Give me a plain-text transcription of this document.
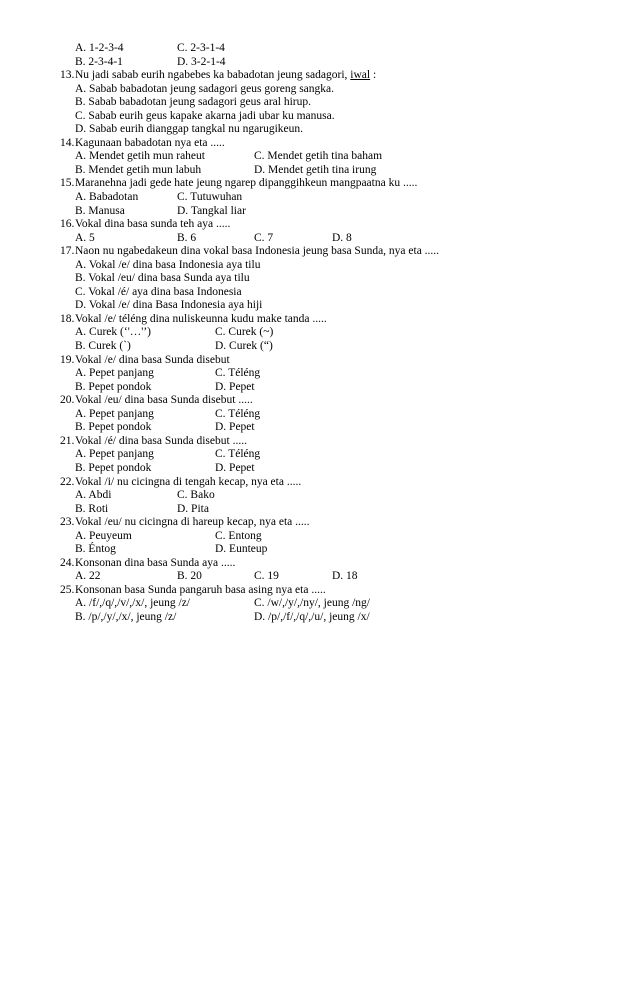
A. 1-2-3-4	C. 2-3-1-4
B. 2-3-4-1	D. 3-2-1-4
13. Nu jadi sabab eurih ngabebes ka babadotan jeung sadagori, iwal :
A. Sabab babadotan jeung sadagori geus goreng sangka.
B. Sabab babadotan jeung sadagori geus aral hirup.
C. Sabab eurih geus kapake akarna jadi ubar ku manusa.
D. Sabab eurih dianggap tangkal nu ngarugikeun.
14. Kagunaan babadotan nya eta .....
A. Mendet getih mun raheut	C. Mendet getih tina baham
B. Mendet getih mun labuh	D. Mendet getih tina irung
15. Maranehna jadi gede hate jeung ngarep dipanggihkeun mangpaatna ku .....
A. Babadotan	C. Tutuwuhan
B. Manusa	D. Tangkal liar
16. Vokal dina basa sunda teh aya .....
A. 5	B. 6	C. 7	D. 8
17. Naon nu ngabedakeun dina vokal basa Indonesia jeung basa Sunda, nya eta .....
A. Vokal /e/ dina basa Indonesia aya tilu
B. Vokal /eu/ dina basa Sunda aya tilu
C. Vokal /é/ aya dina basa Indonesia
D. Vokal /e/ dina Basa Indonesia aya hiji
18. Vokal /e/ téléng dina nuliskeunna kudu make tanda .....
A. Curek (‘'…'’)	C. Curek (~)
B. Curek (`)	D. Curek (“)
19. Vokal /e/ dina basa Sunda disebut
A. Pepet panjang	C. Téléng
B. Pepet pondok	D. Pepet
20. Vokal /eu/ dina basa Sunda disebut .....
A. Pepet panjang	C. Téléng
B. Pepet pondok	D. Pepet
21. Vokal /é/ dina basa Sunda disebut .....
A. Pepet panjang	C. Téléng
B. Pepet pondok	D. Pepet
22. Vokal /i/ nu cicingna di tengah kecap, nya eta .....
A. Abdi	C. Bako
B. Roti	D. Pita
23. Vokal /eu/ nu cicingna di hareup kecap, nya eta .....
A. Peuyeum	C. Entong
B. Éntog	D. Eunteup
24. Konsonan dina basa Sunda aya .....
A. 22	B. 20	C. 19	D. 18
25. Konsonan basa Sunda pangaruh basa asing nya eta .....
A. /f/,/q/,/v/,/x/, jeung /z/	C. /w/,/y/,/ny/, jeung /ng/
B. /p/,/y/,/x/, jeung /z/	D. /p/,/f/,/q/,/u/, jeung /x/
